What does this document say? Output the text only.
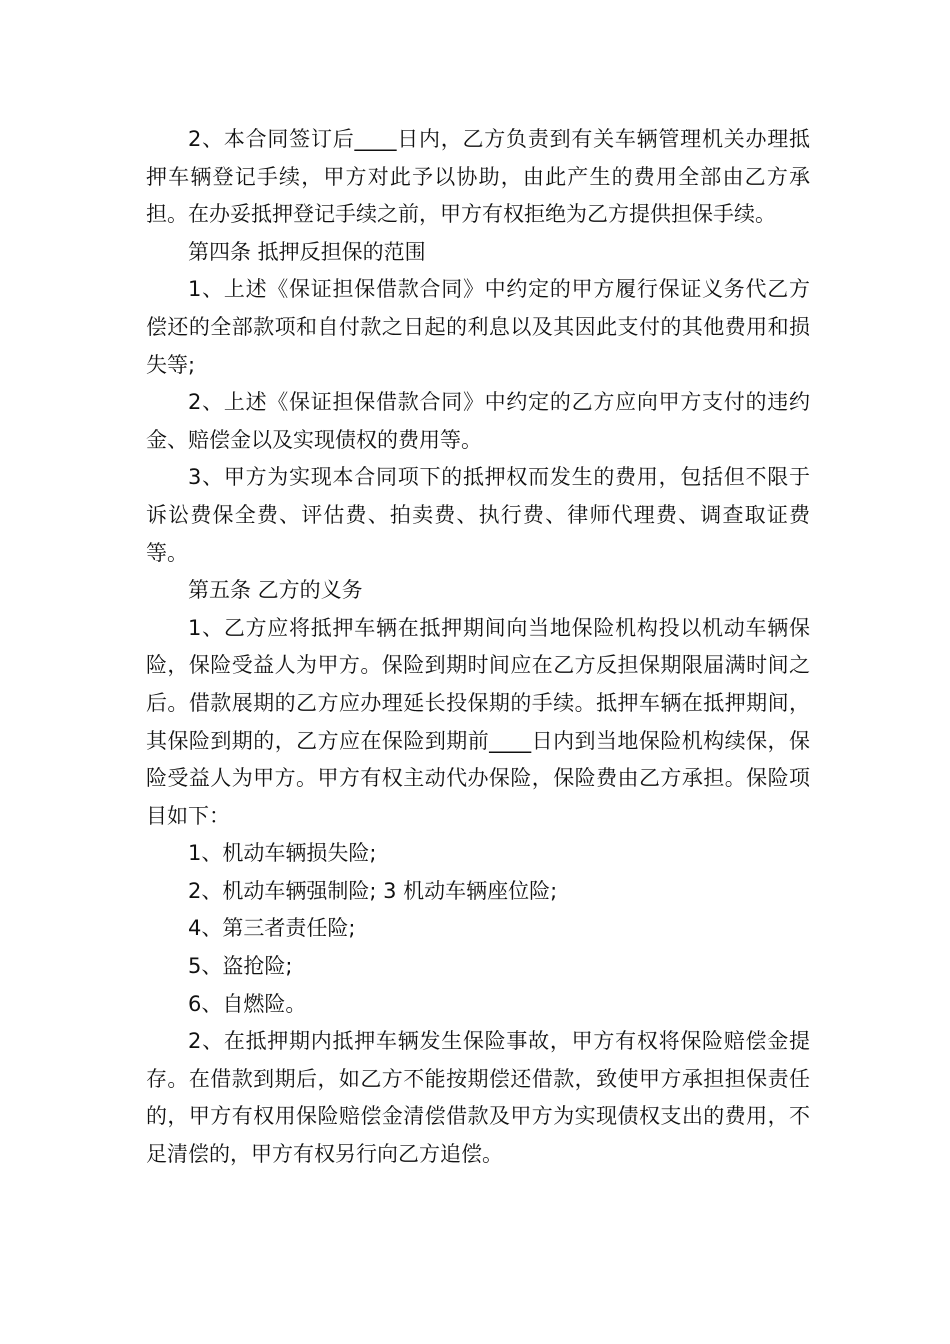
2、本合同签订后____日内，乙方负责到有关车辆管理机关办理抵押车辆登记手续，甲方对此予以协助，由此产生的费用全部由乙方承担。在办妥抵押登记手续之前，甲方有权拒绝为乙方提供担保手续。

第四条 抵押反担保的范围

1、上述《保证担保借款合同》中约定的甲方履行保证义务代乙方偿还的全部款项和自付款之日起的利息以及其因此支付的其他费用和损失等;

2、上述《保证担保借款合同》中约定的乙方应向甲方支付的违约金、赔偿金以及实现债权的费用等。

3、甲方为实现本合同项下的抵押权而发生的费用，包括但不限于诉讼费保全费、评估费、拍卖费、执行费、律师代理费、调查取证费等。

第五条 乙方的义务

1、乙方应将抵押车辆在抵押期间向当地保险机构投以机动车辆保险，保险受益人为甲方。保险到期时间应在乙方反担保期限届满时间之后。借款展期的乙方应办理延长投保期的手续。抵押车辆在抵押期间，其保险到期的，乙方应在保险到期前____日内到当地保险机构续保，保险受益人为甲方。甲方有权主动代办保险，保险费由乙方承担。保险项目如下：

1、机动车辆损失险;

2、机动车辆强制险; 3 机动车辆座位险;

4、第三者责任险;

5、盗抢险;

6、自燃险。

2、在抵押期内抵押车辆发生保险事故，甲方有权将保险赔偿金提存。在借款到期后，如乙方不能按期偿还借款，致使甲方承担担保责任的，甲方有权用保险赔偿金清偿借款及甲方为实现债权支出的费用，不足清偿的，甲方有权另行向乙方追偿。
